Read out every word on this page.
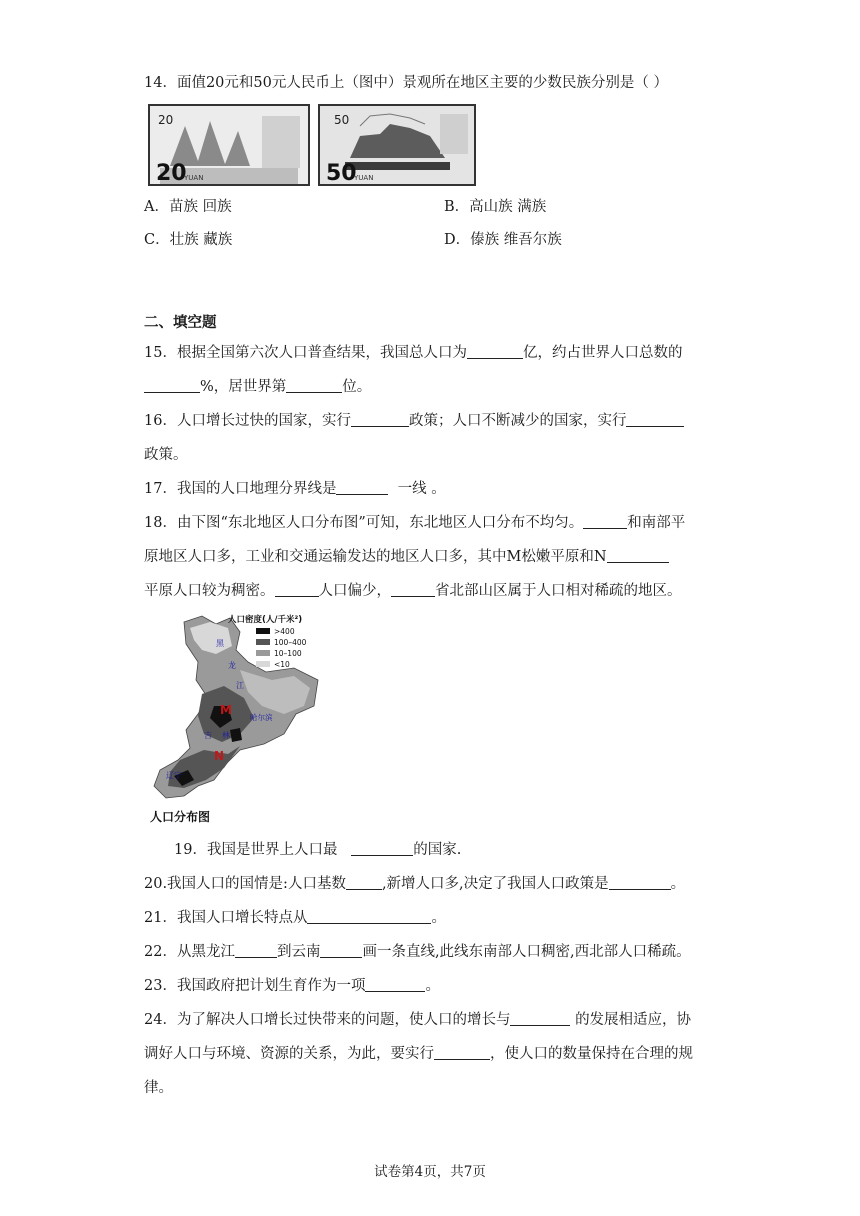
14．面值20元和50元人民币上（图中）景观所在地区主要的少数民族分别是（ ）
20
20
YUAN
50
50
YUAN
A．苗族 回族	B．高山族 满族
C．壮族 藏族	D．傣族 维吾尔族
二、填空题
15．根据全国第六次人口普查结果，我国总人口为	亿，约占世界人口总数的
%，居世界第	位。
16．人口增长过快的国家，实行	政策；人口不断减少的国家，实行
政策。
17．我国的人口地理分界线是	一线 。
18．由下图“东北地区人口分布图”可知，东北地区人口分布不均匀。	和南部平
原地区人口多，工业和交通运输发达的地区人口多，其中M松嫩平原和N
平原人口较为稠密。	人口偏少，	省北部山区属于人口相对稀疏的地区。
人口密度(人/千米²)
>400
100–400
10–100
<10
黑
龙
江
哈尔滨
吉 林
辽宁
M
N
人口分布图
19．我国是世界上人口最	的国家.
20.我国人口的国情是:人口基数 ,新增人口多,决定了我国人口政策是	。
21．我国人口增长特点从	。
22．从黑龙江	到云南	画一条直线,此线东南部人口稠密,西北部人口稀疏。
23．我国政府把计划生育作为一项	。
24．为了解决人口增长过快带来的问题，使人口的增长与	的发展相适应，协
调好人口与环境、资源的关系，为此，要实行	，使人口的数量保持在合理的规
律。
试卷第4页，共7页
